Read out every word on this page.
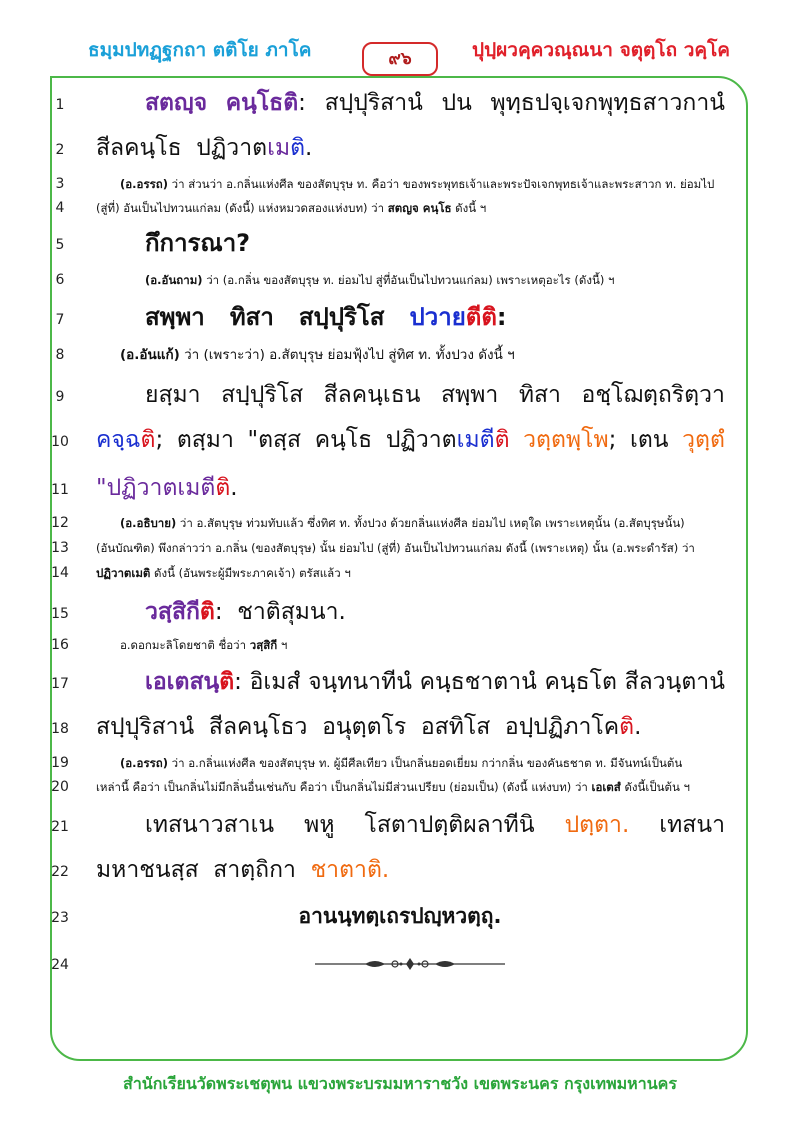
ธมฺมปทฏฺฐกถา ตติโย ภาโค	๙๖	ปุปฺผวคฺควณฺณนา จตุตฺโถ วคฺโค
1
2
3
4
5
6
7
8
9
10
11
12
13
14
15
16
17
18
19
20
21
22
23
24
สตญฺจ คนฺโธติ: สปฺปุริสานํ ปน พุทฺธปจฺเจกพุทฺธสาวกานํ
สีลคนฺโธ ปฏิวาตเมติ.
(อ.อรรถ) ว่า ส่วนว่า อ.กลิ่นแห่งศีล ของสัตบุรุษ ท. คือว่า ของพระพุทธเจ้าและพระปัจเจกพุทธเจ้าและพระสาวก ท. ย่อมไป
(สู่ที่) อันเป็นไปทวนแก่ลม (ดังนี้) แห่งหมวดสองแห่งบท) ว่า สตญจ คนฺโธ ดังนี้ ฯ
กึการณา?
(อ.อันถาม) ว่า (อ.กลิ่น ของสัตบุรุษ ท. ย่อมไป สู่ที่อันเป็นไปทวนแก่ลม) เพราะเหตุอะไร (ดังนี้) ฯ
สพฺพา ทิสา สปฺปุริโส ปวายตีติ:
(อ.อันแก้) ว่า (เพราะว่า) อ.สัตบุรุษ ย่อมฟุ้งไป สู่ทิศ ท. ทั้งปวง ดังนี้ ฯ
ยสฺมา สปฺปุริโส สีลคนฺเธน สพฺพา ทิสา อชฺโฌตฺถริตฺวา
คจฺฉติ; ตสฺมา "ตสฺส คนฺโธ ปฏิวาตเมตีติ วตฺตพฺโพ; เตน วุตฺตํ
"ปฏิวาตเมตีติ.
(อ.อธิบาย) ว่า อ.สัตบุรุษ ท่วมทับแล้ว ซึ่งทิศ ท. ทั้งปวง ด้วยกลิ่นแห่งศีล ย่อมไป เหตุใด เพราะเหตุนั้น (อ.สัตบุรุษนั้น)
(อันบัณฑิต) พึงกล่าวว่า อ.กลิ่น (ของสัตบุรุษ) นั้น ย่อมไป (สู่ที่) อันเป็นไปทวนแก่ลม ดังนี้ (เพราะเหตุ) นั้น (อ.พระดำรัส) ว่า
ปฏิวาตเมติ ดังนี้ (อันพระผู้มีพระภาคเจ้า) ตรัสแล้ว ฯ
วสฺสิกีติ: ชาติสุมนา.
อ.ดอกมะลิโดยชาติ ชื่อว่า วสฺสิกี ฯ
เอเตสนฺติ: อิเมสํ จนฺทนาทีนํ คนฺธชาตานํ คนฺธโต สีลวนฺตานํ
สปฺปุริสานํ สีลคนฺโธว อนุตฺตโร อสทิโส อปฺปฏิภาโคติ.
(อ.อรรถ) ว่า อ.กลิ่นแห่งศีล ของสัตบุรุษ ท. ผู้มีศีลเทียว เป็นกลิ่นยอดเยี่ยม กว่ากลิ่น ของคันธชาต ท. มีจันทน์เป็นต้น
เหล่านี้ คือว่า เป็นกลิ่นไม่มีกลิ่นอื่นเช่นกับ คือว่า เป็นกลิ่นไม่มีส่วนเปรียบ (ย่อมเป็น) (ดังนี้ แห่งบท) ว่า เอเตสํ ดังนี้เป็นต้น ฯ
เทสนาวสาเน พหู โสตาปตฺติผลาทีนิ ปตฺตา. เทสนา
มหาชนสฺส สาตฺถิกา ชาตาติ.
อานนฺทตฺเถรปญฺหวตฺถุ.
สำนักเรียนวัดพระเชตุพน แขวงพระบรมมหาราชวัง เขตพระนคร กรุงเทพมหานคร
